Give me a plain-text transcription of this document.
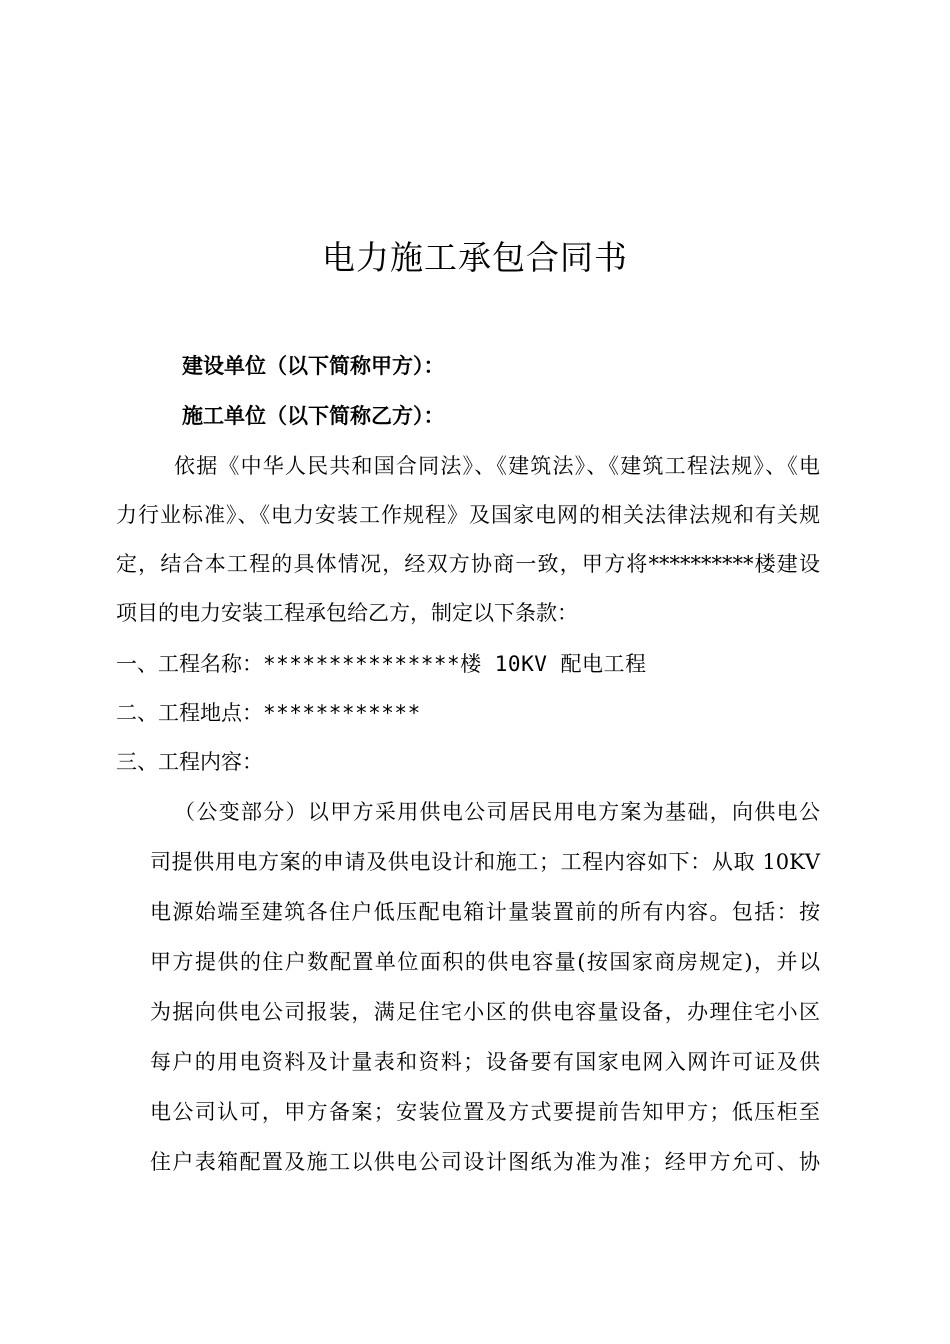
电力施工承包合同书
建设单位（以下简称甲方）：
施工单位（以下简称乙方）：
依据《中华人民共和国合同法》、《建筑法》、《建筑工程法规》、《电
力行业标准》、《电力安装工作规程》及国家电网的相关法律法规和有关规
定，结合本工程的具体情况，经双方协商一致，甲方将**********楼建设
项目的电力安装工程承包给乙方，制定以下条款：
一、工程名称：***************楼 10KV 配电工程
二、工程地点：************
三、工程内容：
（公变部分）以甲方采用供电公司居民用电方案为基础，向供电公
司提供用电方案的申请及供电设计和施工；工程内容如下：从取 10KV
电源始端至建筑各住户低压配电箱计量装置前的所有内容。包括：按
甲方提供的住户数配置单位面积的供电容量(按国家商房规定)，并以
为据向供电公司报装，满足住宅小区的供电容量设备，办理住宅小区
每户的用电资料及计量表和资料；设备要有国家电网入网许可证及供
电公司认可，甲方备案；安装位置及方式要提前告知甲方；低压柜至
住户表箱配置及施工以供电公司设计图纸为准为准；经甲方允可、协
